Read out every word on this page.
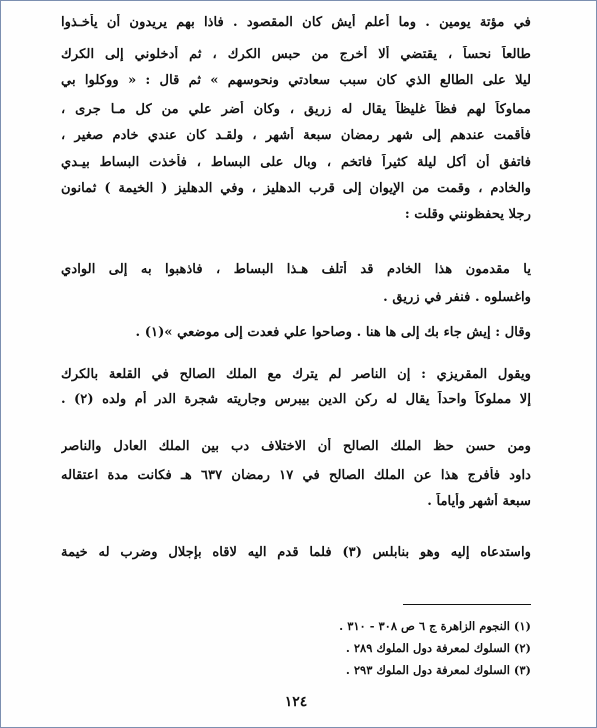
في مؤتة يومين . وما أعلم أيش كان المقصود . فاذا بهم يريدون أن يأخـذوا
طالعاً نحساً ، يقتضي ألا أخرج من حبس الكرك ، ثم أدخلوني إلى الكرك
ليلا على الطالع الذي كان سبب سعادتي ونحوسهم » ثم قال : « ووكلوا بي
مماوكاً لهم فظاً غليظاً يقال له زريق ، وكان أضر علي من كل مـا جرى ،
فأقمت عندهم إلى شهر رمضان سبعة أشهر ، ولقـد كان عندي خادم صغير ،
فاتفق أن أكل ليلة كثيراً فاتخم ، وبال على البساط ، فأخذت البساط بيـدي
والخادم ، وقمت من الإيوان إلى قرب الدهليز ، وفي الدهليز ( الخيمة ) ثمانون
رجلا يحفظونني وقلت :
يا مقدمون هذا الخادم قد أتلف هـذا البساط ، فاذهبوا به إلى الوادي
واغسلوه . فنفر في زريق .
وقال : إيش جاء بك إلى ها هنا . وصاحوا علي فعدت إلى موضعي »(١) .
ويقول المقريزي : إن الناصر لم يترك مع الملك الصالح في القلعة بالكرك
إلا مملوكاً واحداً يقال له ركن الدين بيبرس وجاريته شجرة الدر أم ولده (٢) .
ومن حسن حظ الملك الصالح أن الاختلاف دب بين الملك العادل والناصر
داود فأفرج هذا عن الملك الصالح في ١٧ رمضان ٦٣٧ هـ فكانت مدة اعتقاله
سبعة أشهر وأياماً .
واستدعاه إليه وهو بنابلس (٣) فلما قدم اليه لاقاه بإجلال وضرب له خيمة
(١) النجوم الزاهرة ج ٦ ص ٣٠٨ - ٣١٠ .
(٢) السلوك لمعرفة دول الملوك ٢٨٩ .
(٣) السلوك لمعرفة دول الملوك ٢٩٣ .
١٢٤
